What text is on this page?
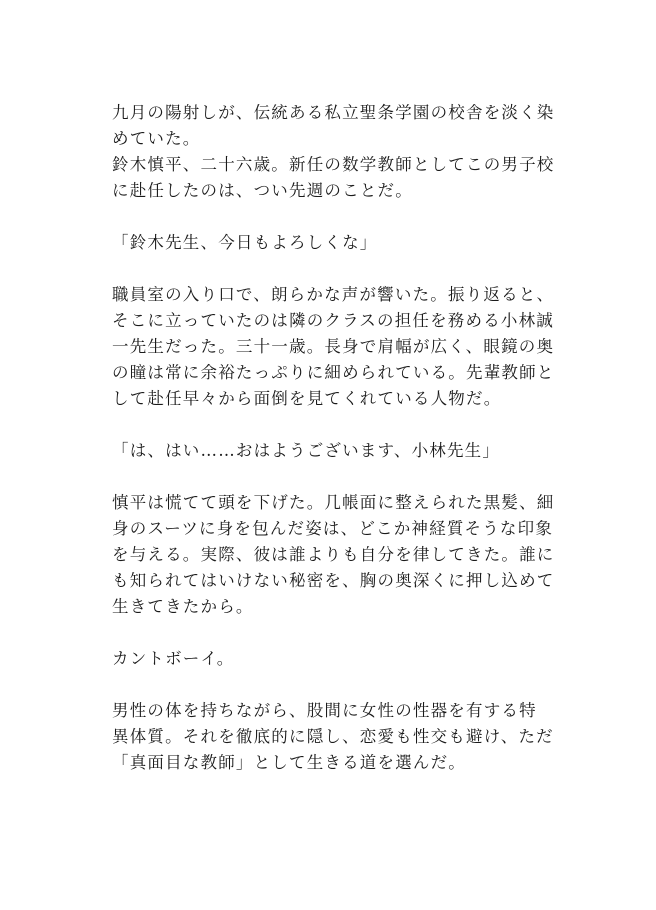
九月の陽射しが、伝統ある私立聖条学園の校舎を淡く染
めていた。
鈴木慎平、二十六歳。新任の数学教師としてこの男子校
に赴任したのは、つい先週のことだ。

「鈴木先生、今日もよろしくな」

職員室の入り口で、朗らかな声が響いた。振り返ると、
そこに立っていたのは隣のクラスの担任を務める小林誠
一先生だった。三十一歳。長身で肩幅が広く、眼鏡の奥
の瞳は常に余裕たっぷりに細められている。先輩教師と
して赴任早々から面倒を見てくれている人物だ。

「は、はい……おはようございます、小林先生」

慎平は慌てて頭を下げた。几帳面に整えられた黒髪、細
身のスーツに身を包んだ姿は、どこか神経質そうな印象
を与える。実際、彼は誰よりも自分を律してきた。誰に
も知られてはいけない秘密を、胸の奥深くに押し込めて
生きてきたから。

カントボーイ。

男性の体を持ちながら、股間に女性の性器を有する特
異体質。それを徹底的に隠し、恋愛も性交も避け、ただ
「真面目な教師」として生きる道を選んだ。
